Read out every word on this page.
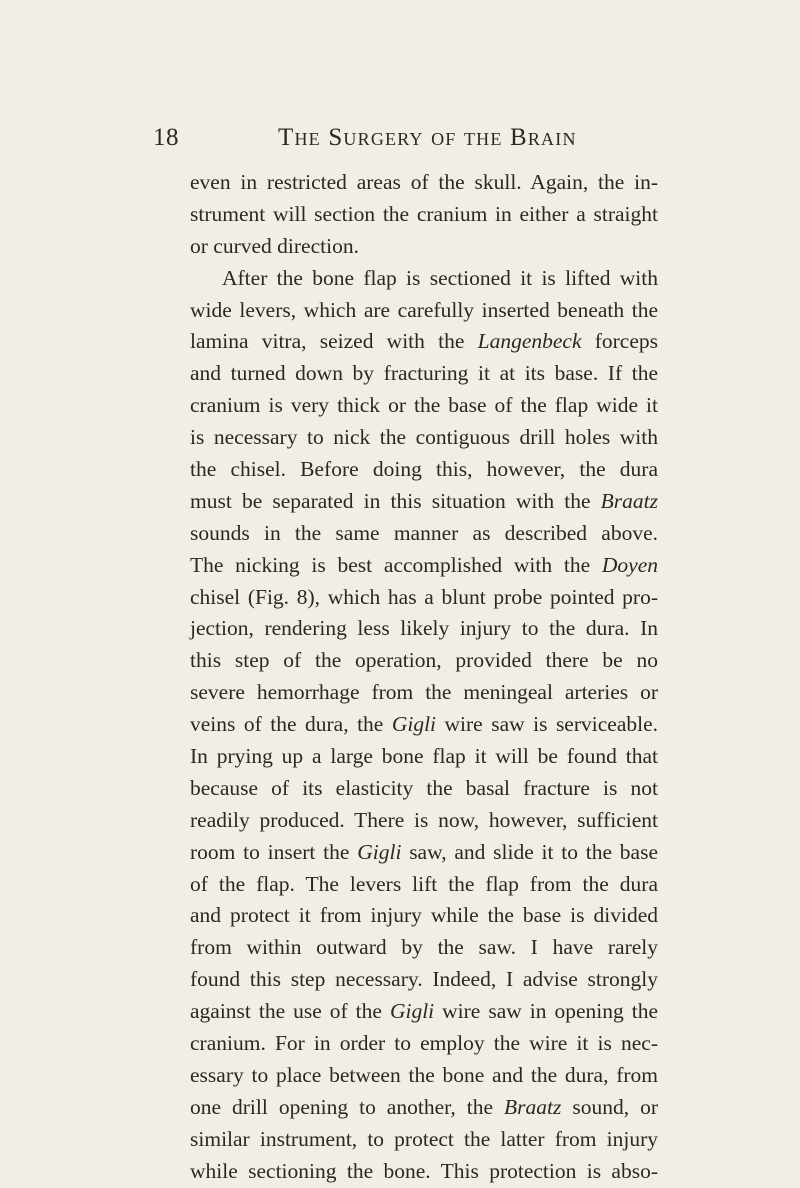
18	The Surgery of the Brain
even in restricted areas of the skull. Again, the in-
strument will section the cranium in either a straight
or curved direction.
After the bone flap is sectioned it is lifted with
wide levers, which are carefully inserted beneath the
lamina vitra, seized with the Langenbeck forceps
and turned down by fracturing it at its base. If the
cranium is very thick or the base of the flap wide it
is necessary to nick the contiguous drill holes with
the chisel. Before doing this, however, the dura
must be separated in this situation with the Braatz
sounds in the same manner as described above.
The nicking is best accomplished with the Doyen
chisel (Fig. 8), which has a blunt probe pointed pro-
jection, rendering less likely injury to the dura. In
this step of the operation, provided there be no
severe hemorrhage from the meningeal arteries or
veins of the dura, the Gigli wire saw is serviceable.
In prying up a large bone flap it will be found that
because of its elasticity the basal fracture is not
readily produced. There is now, however, sufficient
room to insert the Gigli saw, and slide it to the base
of the flap. The levers lift the flap from the dura
and protect it from injury while the base is divided
from within outward by the saw. I have rarely
found this step necessary. Indeed, I advise strongly
against the use of the Gigli wire saw in opening the
cranium. For in order to employ the wire it is nec-
essary to place between the bone and the dura, from
one drill opening to another, the Braatz sound, or
similar instrument, to protect the latter from injury
while sectioning the bone. This protection is abso-
